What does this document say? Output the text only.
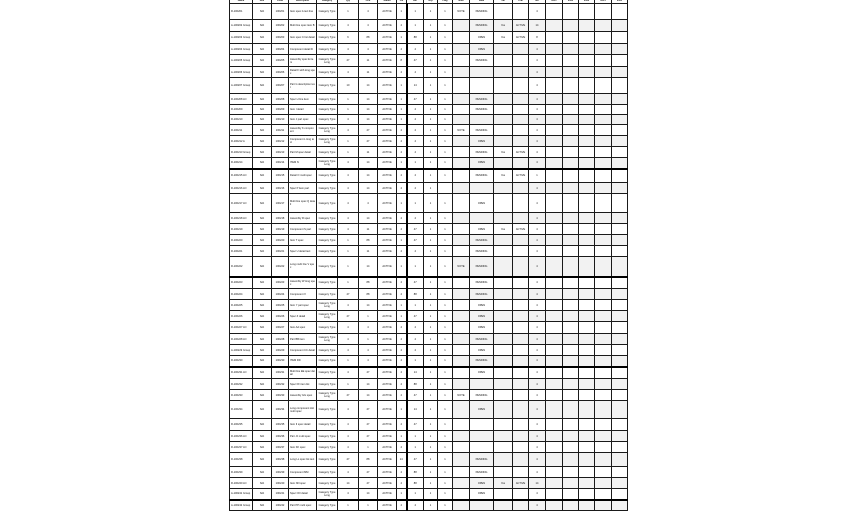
Name	Rev	Code	Description	Category	Qty	Unit	Status	Lvl	Ref	Grp	Flag	Note	Date	Val	Chk	Idx	Ext1	Ext2	Ext3	Ext4	Ext5
R-100201	N/A	100201	Item spec A text line	Category Type	1	4	ACTIVE	1	1	1	1	NOTE	PENDING			4					
A-100202 Group	N/A	100202	Multi line spec item B	Category Type	4	4	ACTIVE	4	1	1	1		PENDING	Yes	ACTIVE	14					
A-100203 Group	N/A	100203	Item spec C list detail	Category Type	6	88	ACTIVE	1	88	1	1		OPEN	Yes	ACTIVE	8					
A-100204 Group	N/A	100204	Component detail D	Category Type	4	4	ACTIVE	4	4	1	1		OPEN			4					
A-100205 Group	N/A	100205	Assembly spec E item	Category Type Long	47	11	ACTIVE	8	47	1	1		PENDING			4					
A-100206 Group	N/A	100206	Detail F with long spec	Category Type	4	11	ACTIVE	4	4	1	1					4					
A-100207 Group	N/A	100207	Part G description text	Category Type	10	14	ACTIVE	1	14	1	1					4					
R-100208 LN	N/A	100208	Spec H line item	Category Type	1	14	ACTIVE	1	47	1	1		PENDING			4					
R-100209	N/A	100209	Item I detail	Category Type	1	14	ACTIVE	1	4	1	1		PENDING			4					
R-100210	N/A	100210	Item J part spec	Category Type	4	14	ACTIVE	1	4	1	1					4					
R-100211	N/A	100211	Assembly K component	Category Type Long	4	47	ACTIVE	4	4	1	1	NOTE	PENDING			4					
R-100212 A	N/A	100212	Component L long text	Category Type Long	1	47	ACTIVE	4	4	1	1		OPEN			4					
R-100213 Group	N/A	100213	Part M spec detail	Category Type	1	11	ACTIVE	4	4	1	1		PENDING	Yes	ACTIVE	4					
R-100214	N/A	100214	ITEM N	Category Type Long	4	14	ACTIVE	1	1	1	1		OPEN			4					
R-100215 LN	N/A	100215	Detail O multi spec	Category Type	4	14	ACTIVE	4	4	1	1		PENDING	Yes	ACTIVE	1					
R-100216 LN	N/A	100216	Spec P item part	Category Type	4	14	ACTIVE	4	4	1						4					
R-100217 LN	N/A	100217	Multi line spec Q detail	Category Type	4	4	ACTIVE	1	1	1	1		OPEN			4					
R-100218 LN	N/A	100218	Assembly R spec	Category Type	4	14	ACTIVE	4	4	1	1					4					
R-100219	N/A	100219	Component S part	Category Type	4	11	ACTIVE	4	47	1	1		OPEN	Yes	ACTIVE	4					
R-100220	N/A	100220	Item T spec	Category Type	1	88	ACTIVE	1	47	1	1		PENDING			4					
R-100221	N/A	100221	Spec U detail text	Category Type	1	11	ACTIVE	4	4	1	1		PENDING			4					
R-100222	N/A	100222	Long multi line V spec	Category Type	1	14	ACTIVE	1	1	1	1	NOTE	PENDING			4					
R-100223	N/A	100223	Assembly W long spec	Category Type	1	88	ACTIVE	4	47	1	1		PENDING			4					
R-100224	N/A	100224	Component X	Category Type	47	88	ACTIVE	4	88	1	1		PENDING			4					
R-100225	N/A	100225	Item Y part spec	Category Type Long	4	14	ACTIVE	1	1	1	1		OPEN			4					
R-100226	N/A	100226	Spec Z detail	Category Type Long	47	1	ACTIVE	1	47	1	1		OPEN			4					
R-100227 LN	N/A	100227	Item AA spec	Category Type	4	4	ACTIVE	4	4	1	1		OPEN			4					
R-100228 LN	N/A	100228	Part BB item	Category Type Long	4	1	ACTIVE	4	4	1	1		PENDING			4					
A-100229 Group	N/A	100229	Component CC detail	Category Type	4	4	ACTIVE	4	4	1	1		OPEN			4					
R-100230	N/A	100230	ITEM DD	Category Type	1	4	ACTIVE	4	1	1	1		PENDING			4					
R-100231 LN	N/A	100231	Multi line EE spec detail	Category Type	4	47	ACTIVE	4	14	1	1		OPEN			4					
R-100232	N/A	100232	Spec FF item list	Category Type	1	14	ACTIVE	4	88	1	1					4					
R-100233	N/A	100233	Assembly GG spec	Category Type Long	47	14	ACTIVE	4	47	1	1	NOTE	PENDING			4					
R-100234	N/A	100234	Long component HH multi spec	Category Type	4	47	ACTIVE	1	14	1	1		OPEN			4					
R-100235	N/A	100235	Item II spec detail	Category Type	4	47	ACTIVE	4	47	1	1					4					
R-100236 LN	N/A	100236	Part JJ multi spec	Category Type	4	47	ACTIVE	1	1	1	1					4					
R-100237 LN	N/A	100237	Item KK spec	Category Type	4	1	ACTIVE	4	1	1	1					4					
R-100238	N/A	100238	Long LL spec list text	Category Type	47	88	ACTIVE	14	47	1	1		PENDING			4					
R-100239	N/A	100239	Component MM	Category Type	4	47	ACTIVE	4	88	1	1		PENDING			4					
R-100240 LN	N/A	100240	Item NN spec	Category Type	14	47	ACTIVE	4	88	1	1		OPEN	Yes	ACTIVE	14					
A-100241 Group	N/A	100241	Spec OO detail	Category Type Long	4	14	ACTIVE	1	1	1	1		OPEN			4					
A-100242 Group	N/A	100242	Part PP multi spec	Category Type	1	1	ACTIVE	4	4	1	1					4					
